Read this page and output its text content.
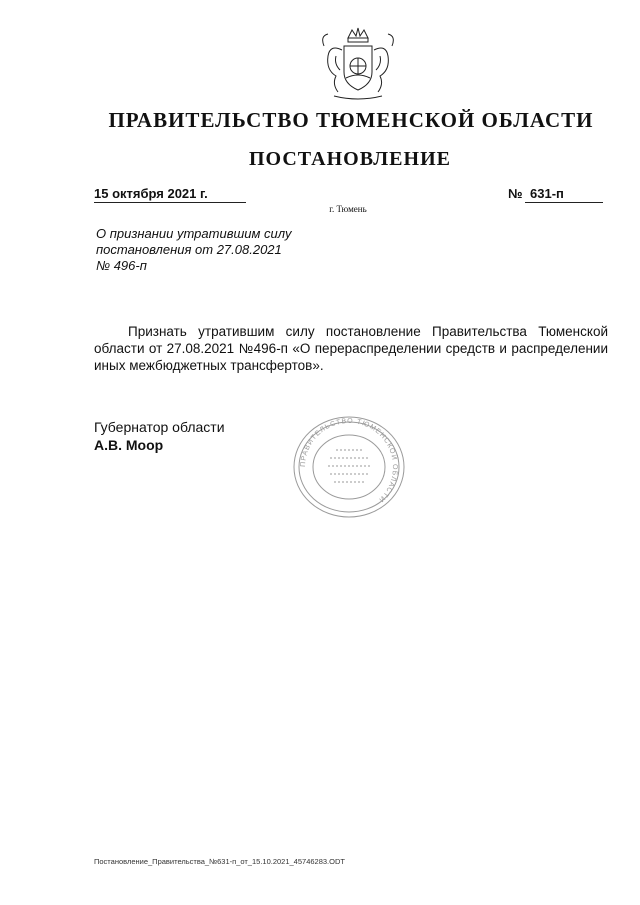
ПРАВИТЕЛЬСТВО ТЮМЕНСКОЙ ОБЛАСТИ
ПОСТАНОВЛЕНИЕ
15 октября 2021 г.	№ 631-п
г. Тюмень
О признании утратившим силу
постановления от 27.08.2021
№ 496-п
Признать утратившим силу постановление Правительства Тюменской области от 27.08.2021 №496-п «О перераспределении средств и распределении иных межбюджетных трансфертов».
Губернатор области
А.В. Моор
ПРАВИТЕЛЬСТВО ТЮМЕНСКОЙ ОБЛАСТИ
Постановление_Правительства_№631-п_от_15.10.2021_45746283.ODT
